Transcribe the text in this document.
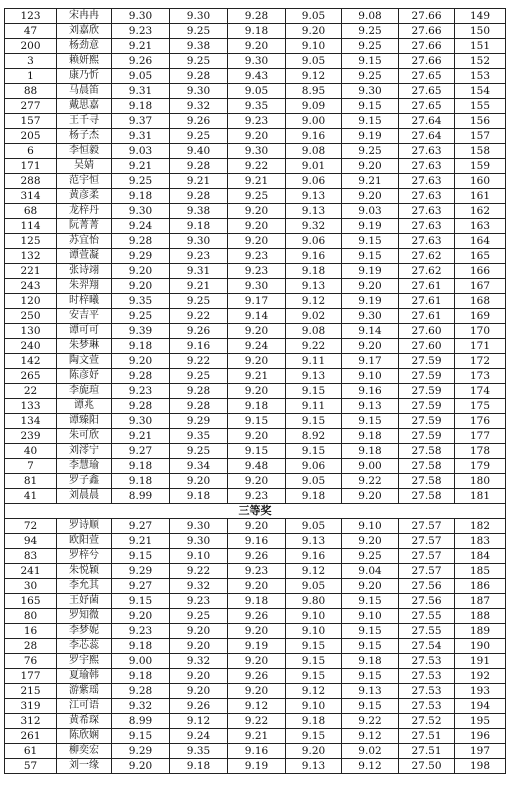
123	宋冉冉	9.30	9.30	9.28	9.05	9.08	27.66	149
47	刘嘉欣	9.23	9.25	9.18	9.20	9.25	27.66	150
200	杨劲意	9.21	9.38	9.20	9.10	9.25	27.66	151
3	赖妍熙	9.26	9.25	9.30	9.05	9.15	27.66	152
1	康乃忻	9.05	9.28	9.43	9.12	9.25	27.65	153
88	马晨笛	9.31	9.30	9.05	8.95	9.30	27.65	154
277	戴思嘉	9.18	9.32	9.35	9.09	9.15	27.65	155
157	王千寻	9.37	9.26	9.23	9.00	9.15	27.64	156
205	杨子杰	9.31	9.25	9.20	9.16	9.19	27.64	157
6	李恒毅	9.03	9.40	9.30	9.08	9.25	27.63	158
171	吴婧	9.21	9.28	9.22	9.01	9.20	27.63	159
288	范宇恒	9.25	9.21	9.21	9.06	9.21	27.63	160
314	黄彦柔	9.18	9.28	9.25	9.13	9.20	27.63	161
68	龙梓丹	9.30	9.38	9.20	9.13	9.03	27.63	162
114	阮菁菁	9.24	9.18	9.20	9.32	9.19	27.63	163
125	苏宜怡	9.28	9.30	9.20	9.06	9.15	27.63	164
132	谭萱凝	9.29	9.23	9.23	9.16	9.15	27.62	165
221	张诗翊	9.20	9.31	9.23	9.18	9.19	27.62	166
243	朱羿翔	9.20	9.21	9.30	9.13	9.20	27.61	167
120	时梓曦	9.35	9.25	9.17	9.12	9.19	27.61	168
250	安吉平	9.25	9.22	9.14	9.02	9.30	27.61	169
130	谭可可	9.39	9.26	9.20	9.08	9.14	27.60	170
240	朱梦琳	9.18	9.16	9.24	9.22	9.20	27.60	171
142	陶文萱	9.20	9.22	9.20	9.11	9.17	27.59	172
265	陈彦妤	9.28	9.25	9.21	9.13	9.10	27.59	173
22	李旎瑄	9.23	9.28	9.20	9.15	9.16	27.59	174
133	谭兆	9.28	9.28	9.18	9.11	9.13	27.59	175
134	谭臻阳	9.30	9.29	9.15	9.15	9.15	27.59	176
239	朱可欣	9.21	9.35	9.20	8.92	9.18	27.59	177
40	刘澪宁	9.27	9.25	9.15	9.15	9.18	27.58	178
7	李慧瑜	9.18	9.34	9.48	9.06	9.00	27.58	179
81	罗子鑫	9.18	9.20	9.20	9.05	9.22	27.58	180
41	刘晨晨	8.99	9.18	9.23	9.18	9.20	27.58	181
三等奖								
72	罗诗顺	9.27	9.30	9.20	9.05	9.10	27.57	182
94	欧阳萱	9.21	9.30	9.16	9.13	9.20	27.57	183
83	罗梓兮	9.15	9.10	9.26	9.16	9.25	27.57	184
241	朱悦颖	9.29	9.22	9.23	9.12	9.04	27.57	185
30	李允其	9.27	9.32	9.20	9.05	9.20	27.56	186
165	王妤菌	9.15	9.23	9.18	9.80	9.15	27.56	187
80	罗知微	9.20	9.25	9.26	9.10	9.10	27.55	188
16	李梦妮	9.23	9.20	9.20	9.10	9.15	27.55	189
28	李芯蕊	9.18	9.20	9.19	9.15	9.15	27.54	190
76	罗宇熙	9.00	9.32	9.20	9.15	9.18	27.53	191
177	夏瑜韩	9.18	9.20	9.26	9.15	9.15	27.53	192
215	游紫瑶	9.28	9.20	9.20	9.12	9.13	27.53	193
319	江可语	9.32	9.26	9.12	9.10	9.15	27.53	194
312	黄希琛	8.99	9.12	9.22	9.18	9.22	27.52	195
261	陈欣娴	9.15	9.24	9.21	9.15	9.12	27.51	196
61	柳奕宏	9.29	9.35	9.16	9.20	9.02	27.51	197
57	刘一缘	9.20	9.18	9.19	9.13	9.12	27.50	198
